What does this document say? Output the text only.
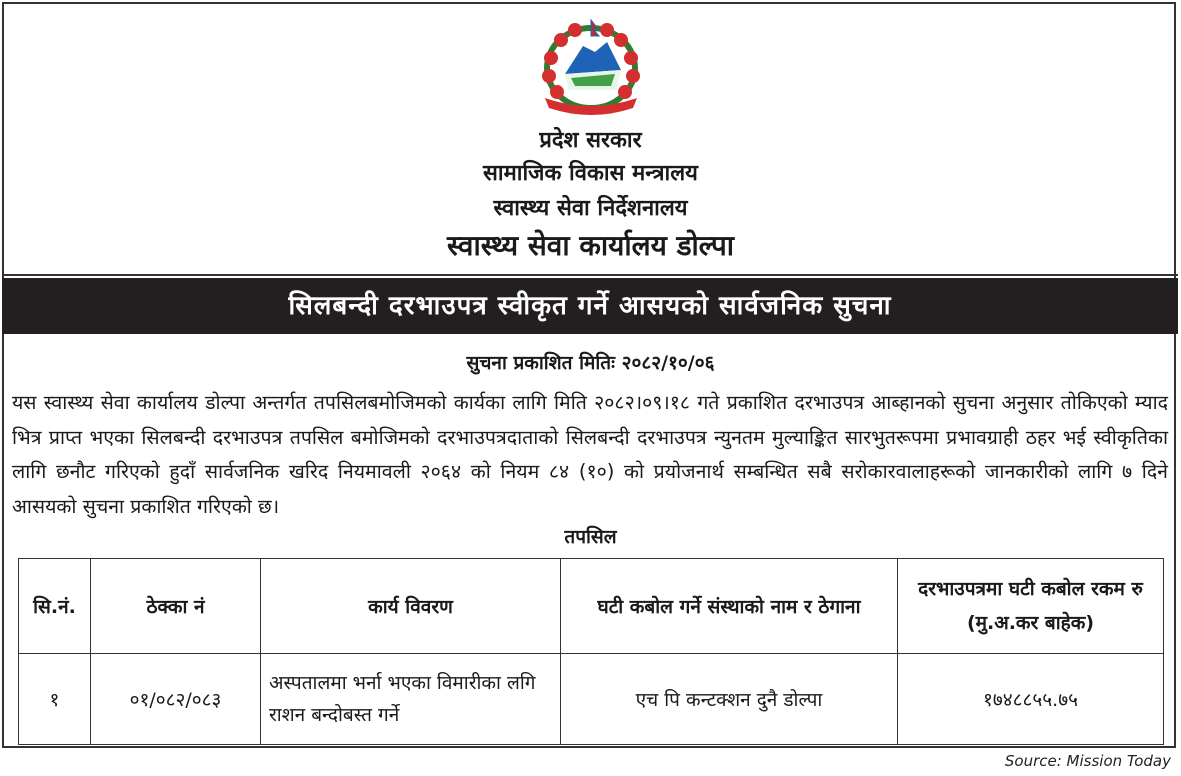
प्रदेश सरकार
सामाजिक विकास मन्त्रालय
स्वास्थ्य सेवा निर्देशनालय
स्वास्थ्य सेवा कार्यालय डोल्पा
सिलबन्दी दरभाउपत्र स्वीकृत गर्ने आसयको सार्वजनिक सुचना
सुचना प्रकाशित मितिः २०८२/१०/०६
यस स्वास्थ्य सेवा कार्यालय डोल्पा अन्तर्गत तपसिलबमोजिमको कार्यका लागि मिति २०८२।०९।१८ गते प्रकाशित दरभाउपत्र आब्हानको सुचना अनुसार तोकिएको म्याद भित्र प्राप्त भएका सिलबन्दी दरभाउपत्र तपसिल बमोजिमको दरभाउपत्रदाताको सिलबन्दी दरभाउपत्र न्युनतम मुल्याङ्कित सारभुतरूपमा प्रभावग्राही ठहर भई स्वीकृतिका लागि छनौट गरिएको हुदाँ सार्वजनिक खरिद नियमावली २०६४ को नियम ८४ (१०) को प्रयोजनार्थ सम्बन्धित सबै सरोकारवालाहरूको जानकारीको लागि ७ दिने आसयको सुचना प्रकाशित गरिएको छ।
तपसिल
सि.नं.	ठेक्का नं	कार्य विवरण	घटी कबोल गर्ने संस्थाको नाम र ठेगाना	दरभाउपत्रमा घटी कबोल रकम रु (मु.अ.कर बाहेक)
१	०१/०८२/०८३	अस्पतालमा भर्ना भएका विमारीका लगि राशन बन्दोबस्त गर्ने	एच पि कन्टक्शन दुनै डोल्पा	१७४८८५५.७५
Source: Mission Today
